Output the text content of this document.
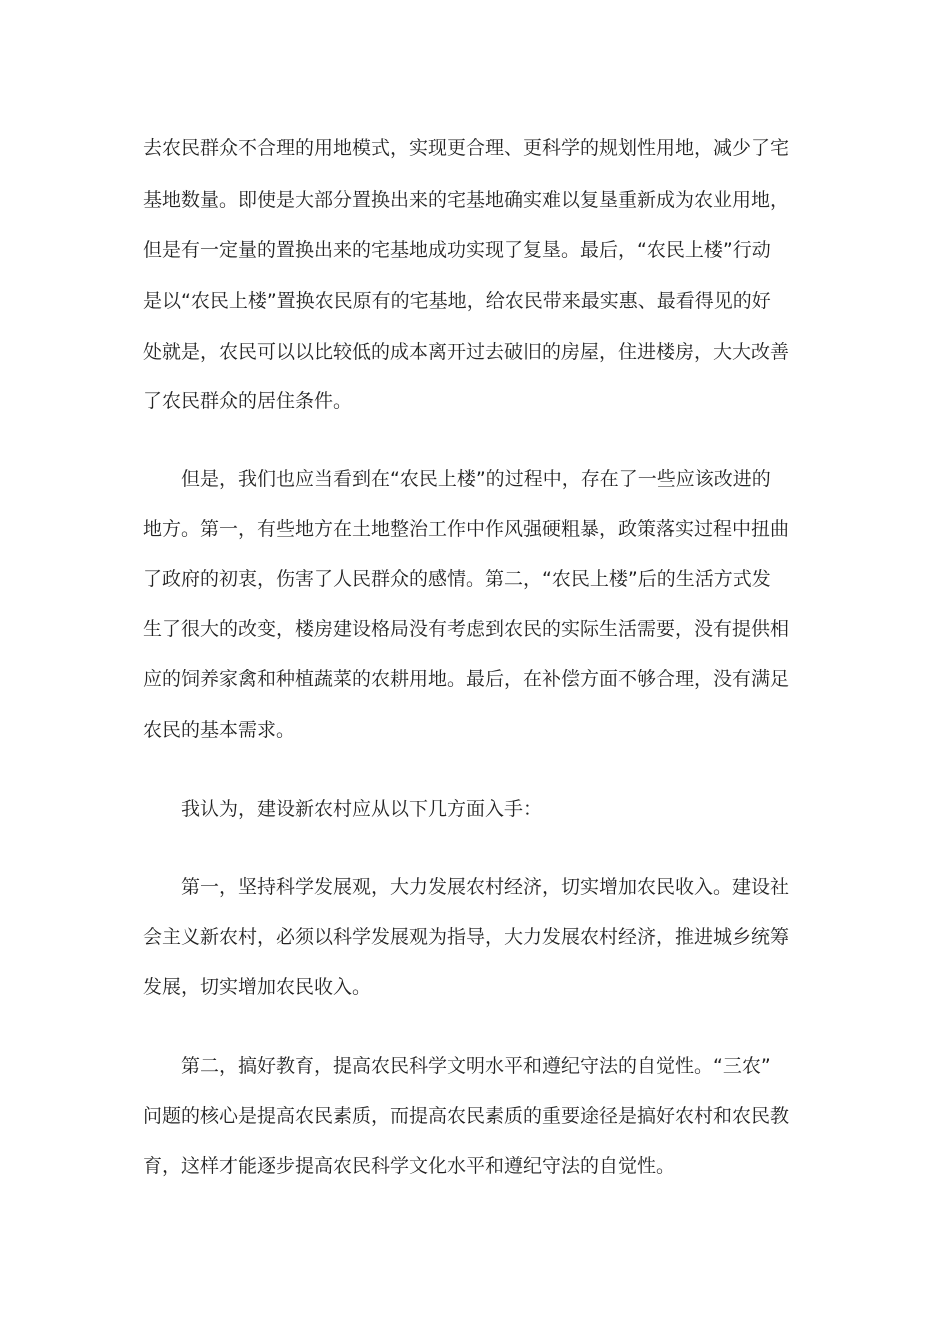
去农民群众不合理的用地模式，实现更合理、更科学的规划性用地，减少了宅
基地数量。即使是大部分置换出来的宅基地确实难以复垦重新成为农业用地，
但是有一定量的置换出来的宅基地成功实现了复垦。最后，“农民上楼”行动
是以“农民上楼”置换农民原有的宅基地，给农民带来最实惠、最看得见的好
处就是，农民可以以比较低的成本离开过去破旧的房屋，住进楼房，大大改善
了农民群众的居住条件。
但是，我们也应当看到在“农民上楼”的过程中，存在了一些应该改进的
地方。第一，有些地方在土地整治工作中作风强硬粗暴，政策落实过程中扭曲
了政府的初衷，伤害了人民群众的感情。第二，“农民上楼”后的生活方式发
生了很大的改变，楼房建设格局没有考虑到农民的实际生活需要，没有提供相
应的饲养家禽和种植蔬菜的农耕用地。最后，在补偿方面不够合理，没有满足
农民的基本需求。
我认为，建设新农村应从以下几方面入手：
第一，坚持科学发展观，大力发展农村经济，切实增加农民收入。建设社
会主义新农村，必须以科学发展观为指导，大力发展农村经济，推进城乡统筹
发展，切实增加农民收入。
第二，搞好教育，提高农民科学文明水平和遵纪守法的自觉性。“三农”
问题的核心是提高农民素质，而提高农民素质的重要途径是搞好农村和农民教
育，这样才能逐步提高农民科学文化水平和遵纪守法的自觉性。
